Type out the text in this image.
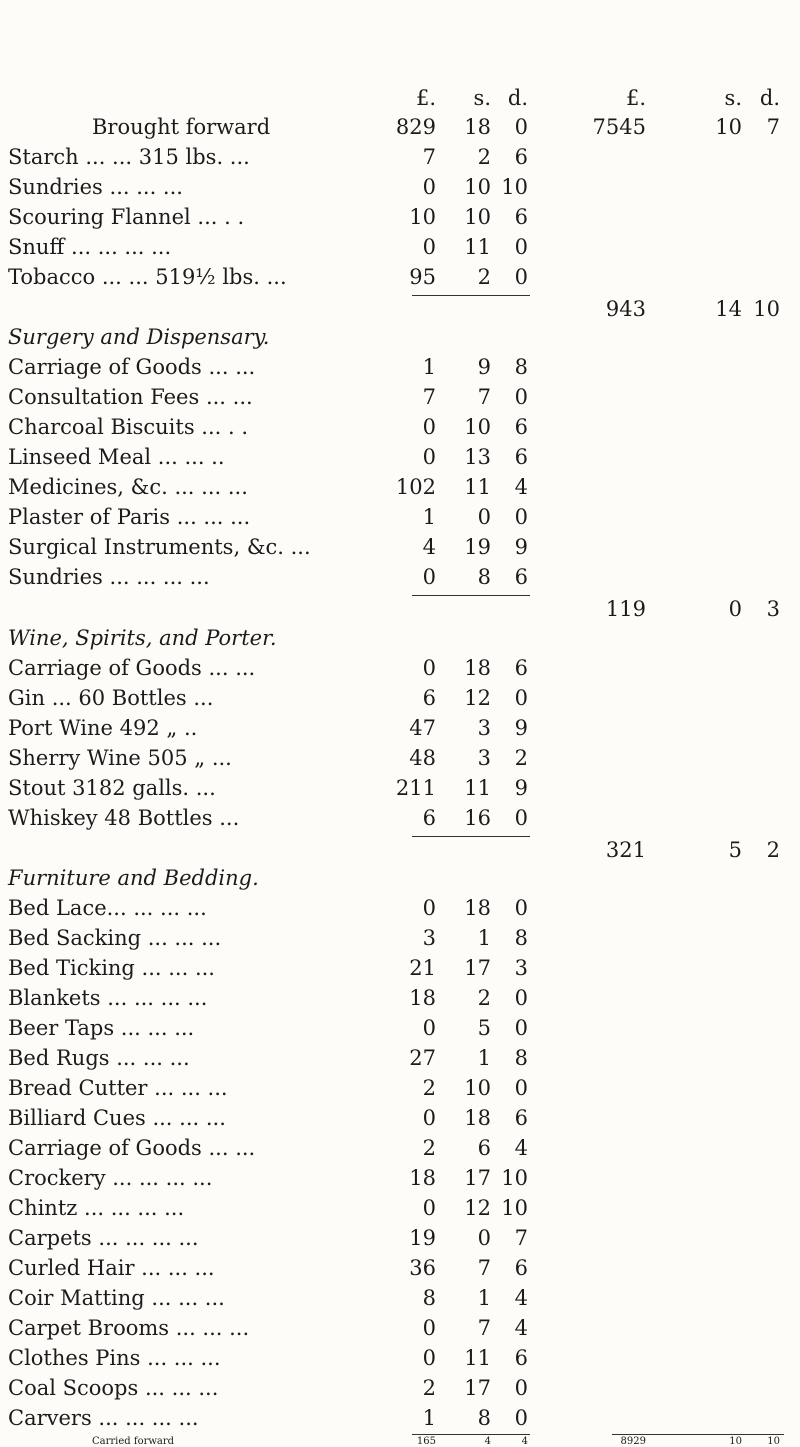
£. s. d.	£.	s. d.
Brought forward	829 18 0	7545	10 7
Starch ... ... 315 lbs. ...	7 2 6
Sundries ... ... ...	0 10 10
Scouring Flannel ... . .	10 10 6
Snuff ... ... ... ...	0 11 0
Tobacco ... ... 519½ lbs. ...	95 2 0
943	14 10
Surgery and Dispensary.
Carriage of Goods ... ...	1 9 8
Consultation Fees ... ...	7 7 0
Charcoal Biscuits ... . .	0 10 6
Linseed Meal ... ... ..	0 13 6
Medicines, &c. ... ... ...	102 11 4
Plaster of Paris ... ... ...	1 0 0
Surgical Instruments, &c. ...	4 19 9
Sundries ... ... ... ...	0 8 6
119	0 3
Wine, Spirits, and Porter.
Carriage of Goods ... ...	0 18 6
Gin ... 60 Bottles ...	6 12 0
Port Wine 492 „ ..	47 3 9
Sherry Wine 505 „ ...	48 3 2
Stout 3182 galls. ...	211 11 9
Whiskey 48 Bottles ...	6 16 0
321	5 2
Furniture and Bedding.
Bed Lace... ... ... ...	0 18 0
Bed Sacking ... ... ...	3 1 8
Bed Ticking ... ... ...	21 17 3
Blankets ... ... ... ...	18 2 0
Beer Taps ... ... ...	0 5 0
Bed Rugs ... ... ...	27 1 8
Bread Cutter ... ... ...	2 10 0
Billiard Cues ... ... ...	0 18 6
Carriage of Goods ... ...	2 6 4
Crockery ... ... ... ...	18 17 10
Chintz ... ... ... ...	0 12 10
Carpets ... ... ... ...	19 0 7
Curled Hair ... ... ...	36 7 6
Coir Matting ... ... ...	8 1 4
Carpet Brooms ... ... ...	0 7 4
Clothes Pins ... ... ...	0 11 6
Coal Scoops ... ... ...	2 17 0
Carvers ... ... ... ...	1 8 0
Carried forward	165	4	4	8929	10	10
